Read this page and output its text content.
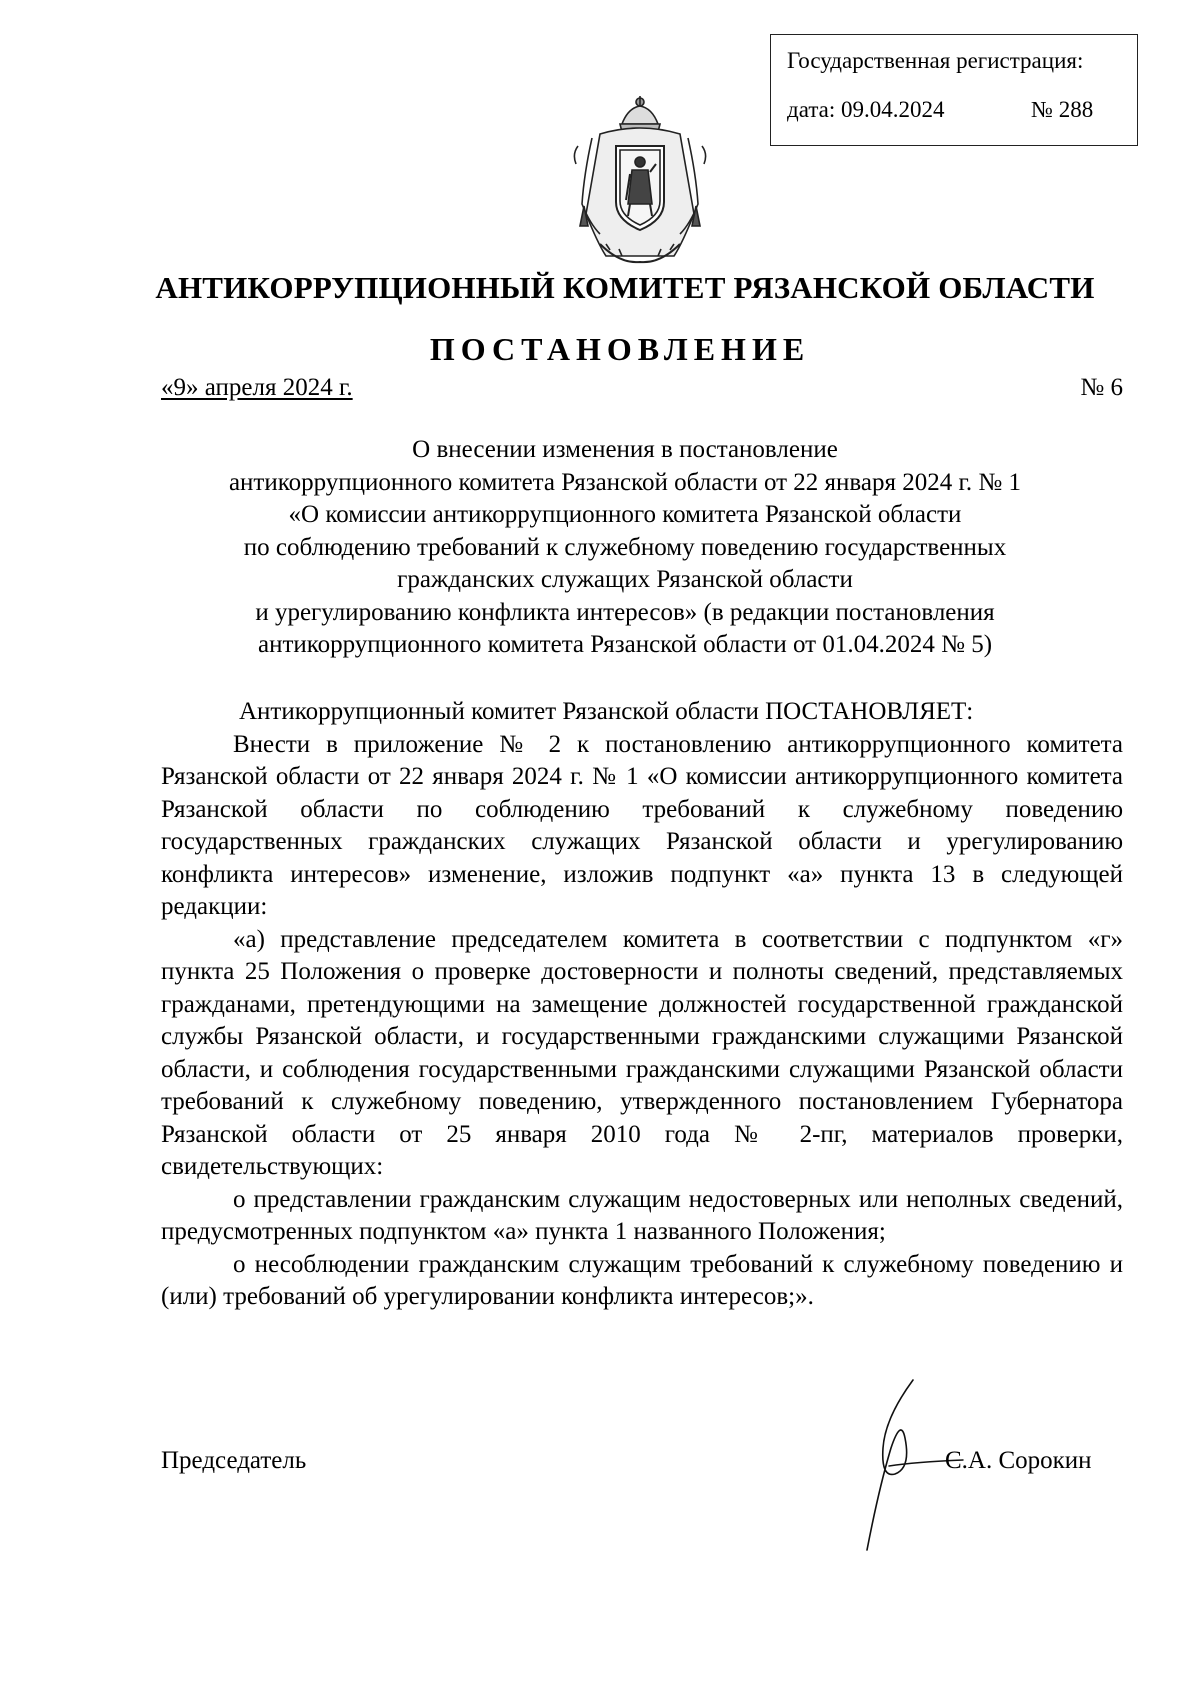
Государственная регистрация:
дата: 09.04.2024	№ 288
АНТИКОРРУПЦИОННЫЙ КОМИТЕТ РЯЗАНСКОЙ ОБЛАСТИ
ПОСТАНОВЛЕНИЕ
«9» апреля 2024 г.	№ 6
О внесении изменения в постановление
антикоррупционного комитета Рязанской области от 22 января 2024 г. № 1
«О комиссии антикоррупционного комитета Рязанской области
по соблюдению требований к служебному поведению государственных
гражданских служащих Рязанской области
и урегулированию конфликта интересов» (в редакции постановления
антикоррупционного комитета Рязанской области от 01.04.2024 № 5)

Антикоррупционный комитет Рязанской области ПОСТАНОВЛЯЕТ:

Внести в приложение № 2 к постановлению антикоррупционного комитета Рязанской области от 22 января 2024 г. № 1 «О комиссии антикоррупционного комитета Рязанской области по соблюдению требований к служебному поведению государственных гражданских служащих Рязанской области и урегулированию конфликта интересов» изменение, изложив подпункт «а» пункта 13 в следующей редакции:

«а) представление председателем комитета в соответствии с подпунктом «г» пункта 25 Положения о проверке достоверности и полноты сведений, представляемых гражданами, претендующими на замещение должностей государственной гражданской службы Рязанской области, и государственными гражданскими служащими Рязанской области, и соблюдения государственными гражданскими служащими Рязанской области требований к служебному поведению, утвержденного постановлением Губернатора Рязанской области от 25 января 2010 года № 2-пг, материалов проверки, свидетельствующих:

о представлении гражданским служащим недостоверных или неполных сведений, предусмотренных подпунктом «а» пункта 1 названного Положения;

о несоблюдении гражданским служащим требований к служебному поведению и (или) требований об урегулировании конфликта интересов;».

Председатель	С.А. Сорокин
